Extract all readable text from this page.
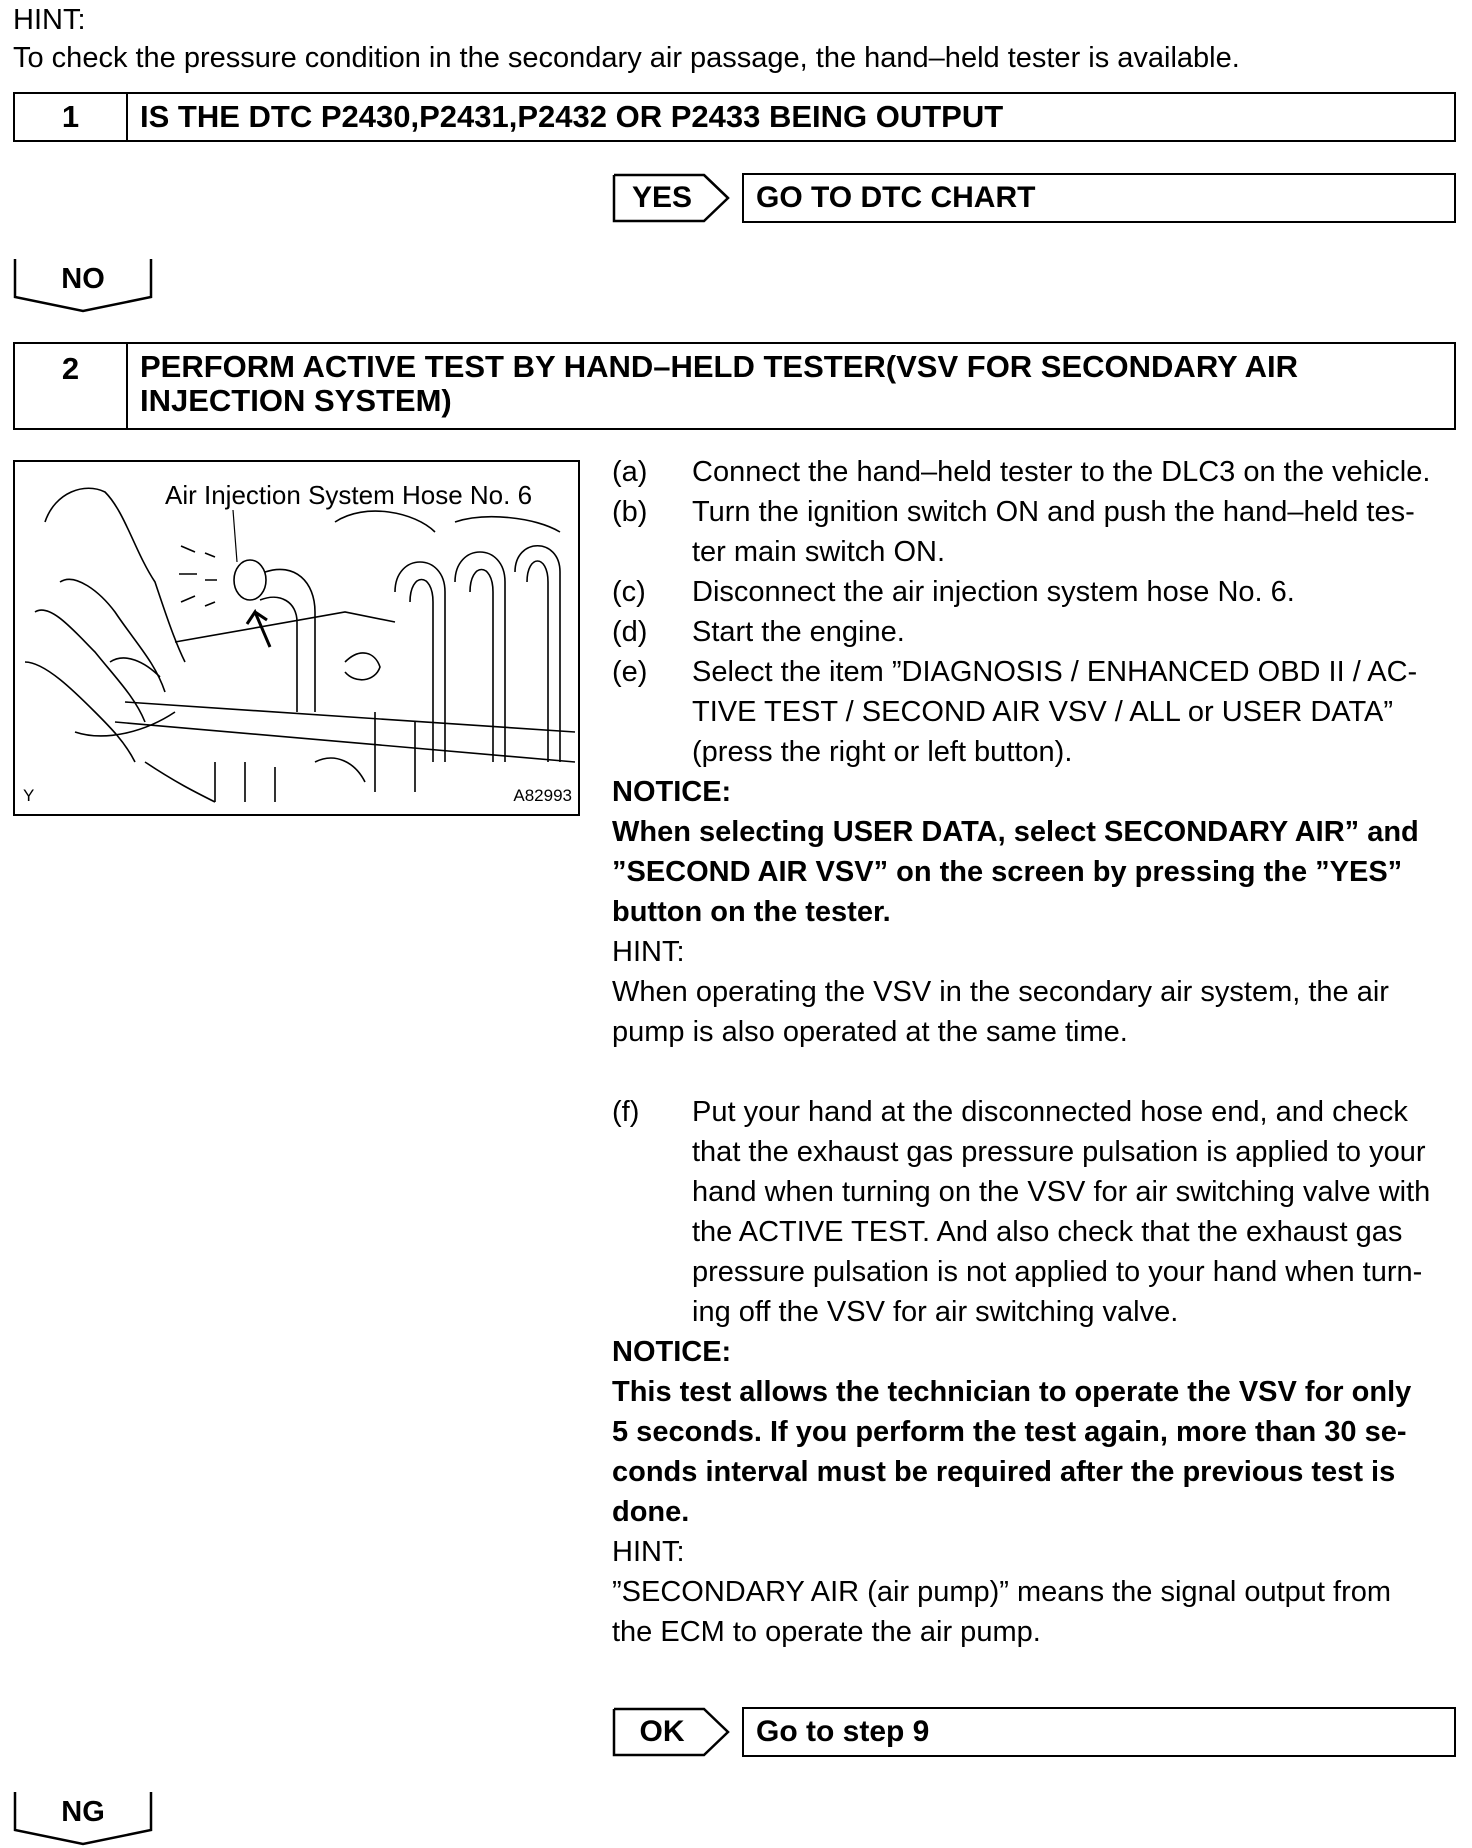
HINT:
To check the pressure condition in the secondary air passage, the hand–held tester is available.
1	IS THE DTC P2430,P2431,P2432 OR P2433 BEING OUTPUT
YES	GO TO DTC CHART
NO
2	PERFORM ACTIVE TEST BY HAND–HELD TESTER(VSV FOR SECONDARY AIR
INJECTION SYSTEM)
Air Injection System Hose No. 6
Y	A82993
(a)	Connect the hand–held tester to the DLC3 on the vehicle.
(b)	Turn the ignition switch ON and push the hand–held tes-
ter main switch ON.
(c)	Disconnect the air injection system hose No. 6.
(d)	Start the engine.
(e)	Select the item ”DIAGNOSIS / ENHANCED OBD II / AC-
TIVE TEST / SECOND AIR VSV / ALL or USER DATA”
(press the right or left button).
NOTICE:
When selecting USER DATA, select SECONDARY AIR” and
”SECOND AIR VSV” on the screen by pressing the ”YES”
button on the tester.
HINT:
When operating the VSV in the secondary air system, the air
pump is also operated at the same time.
(f)	Put your hand at the disconnected hose end, and check
that the exhaust gas pressure pulsation is applied to your
hand when turning on the VSV for air switching valve with
the ACTIVE TEST. And also check that the exhaust gas
pressure pulsation is not applied to your hand when turn-
ing off the VSV for air switching valve.
NOTICE:
This test allows the technician to operate the VSV for only
5 seconds. If you perform the test again, more than 30 se-
conds interval must be required after the previous test is
done.
HINT:
”SECONDARY AIR (air pump)” means the signal output from
the ECM to operate the air pump.
OK	Go to step 9
NG
